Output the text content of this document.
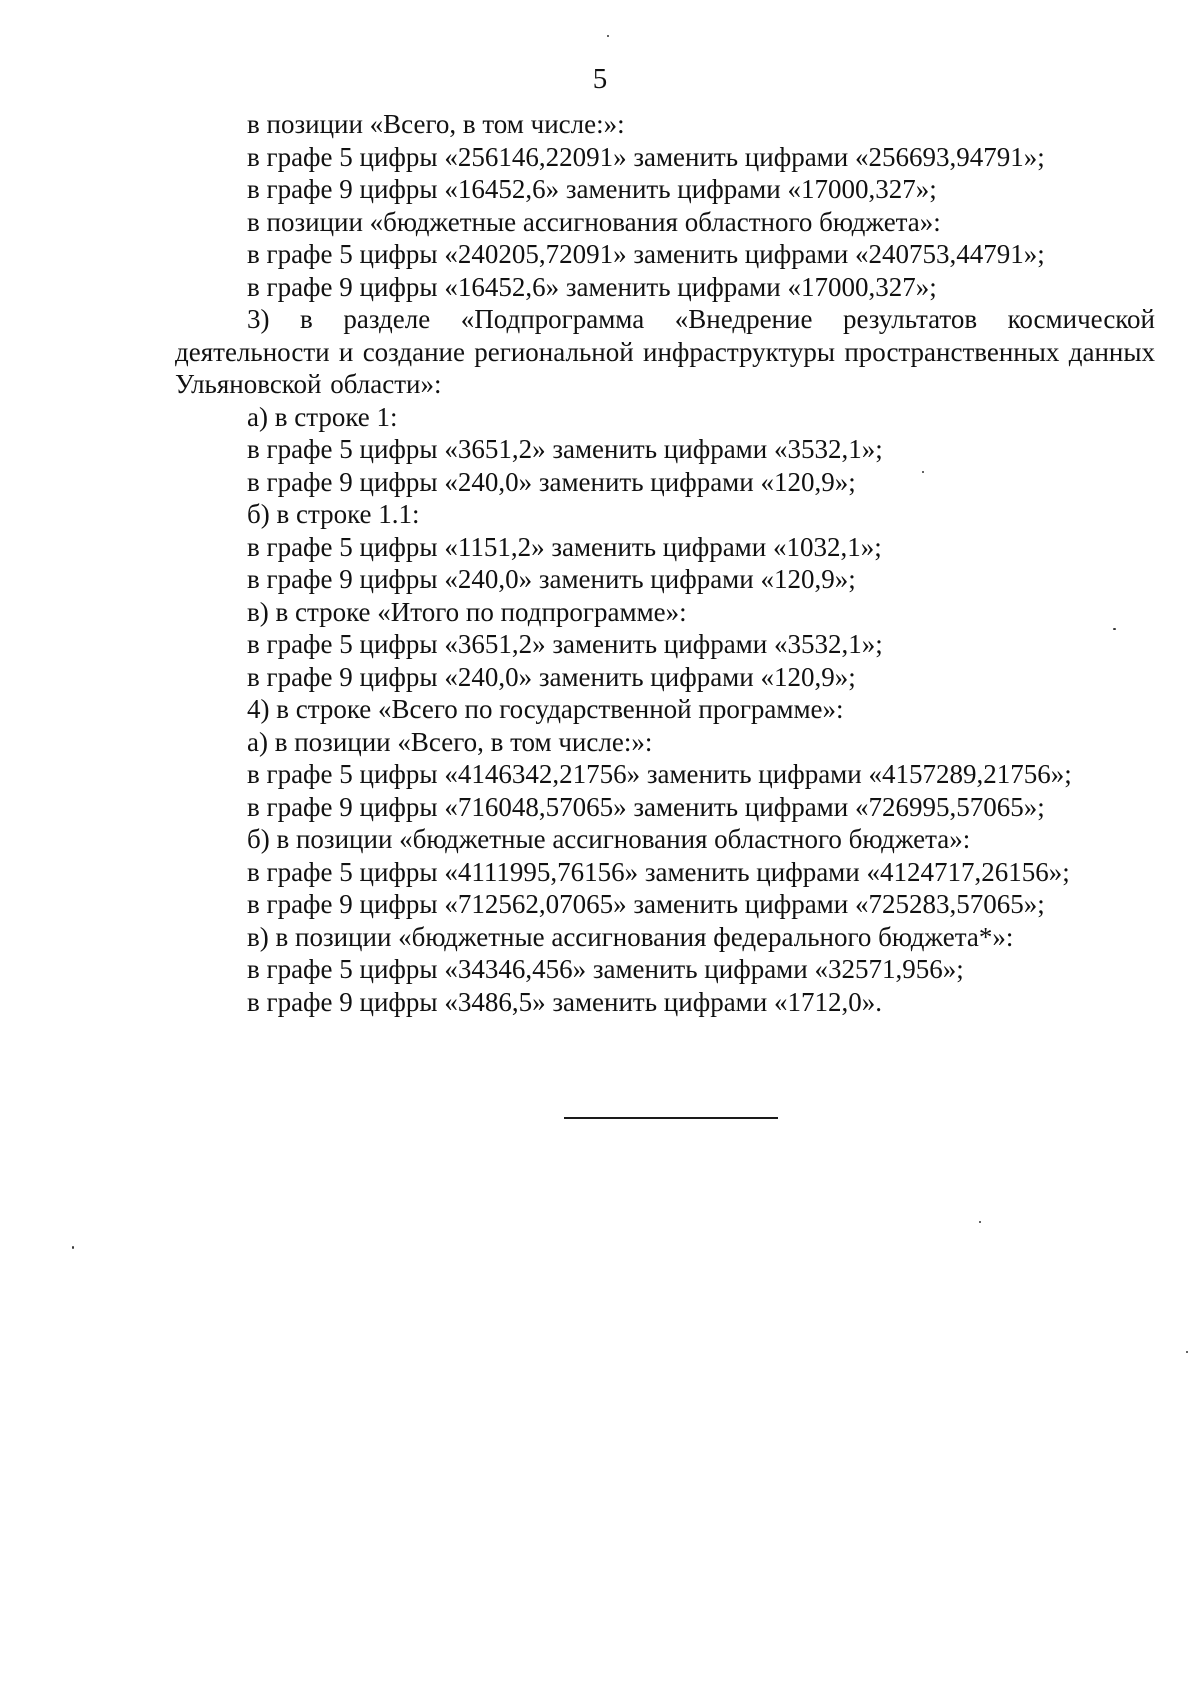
5
в позиции «Всего, в том числе:»:
в графе 5 цифры «256146,22091» заменить цифрами «256693,94791»;
в графе 9 цифры «16452,6» заменить цифрами «17000,327»;
в позиции «бюджетные ассигнования областного бюджета»:
в графе 5 цифры «240205,72091» заменить цифрами «240753,44791»;
в графе 9 цифры «16452,6» заменить цифрами «17000,327»;
3) в разделе «Подпрограмма «Внедрение результатов космической деятельности и создание региональной инфраструктуры пространственных данных Ульяновской области»:
а) в строке 1:
в графе 5 цифры «3651,2» заменить цифрами «3532,1»;
в графе 9 цифры «240,0» заменить цифрами «120,9»;
б) в строке 1.1:
в графе 5 цифры «1151,2» заменить цифрами «1032,1»;
в графе 9 цифры «240,0» заменить цифрами «120,9»;
в) в строке «Итого по подпрограмме»:
в графе 5 цифры «3651,2» заменить цифрами «3532,1»;
в графе 9 цифры «240,0» заменить цифрами «120,9»;
4) в строке «Всего по государственной программе»:
а) в позиции «Всего, в том числе:»:
в графе 5 цифры «4146342,21756» заменить цифрами «4157289,21756»;
в графе 9 цифры «716048,57065» заменить цифрами «726995,57065»;
б) в позиции «бюджетные ассигнования областного бюджета»:
в графе 5 цифры «4111995,76156» заменить цифрами «4124717,26156»;
в графе 9 цифры «712562,07065» заменить цифрами «725283,57065»;
в) в позиции «бюджетные ассигнования федерального бюджета*»:
в графе 5 цифры «34346,456» заменить цифрами «32571,956»;
в графе 9 цифры «3486,5» заменить цифрами «1712,0».
